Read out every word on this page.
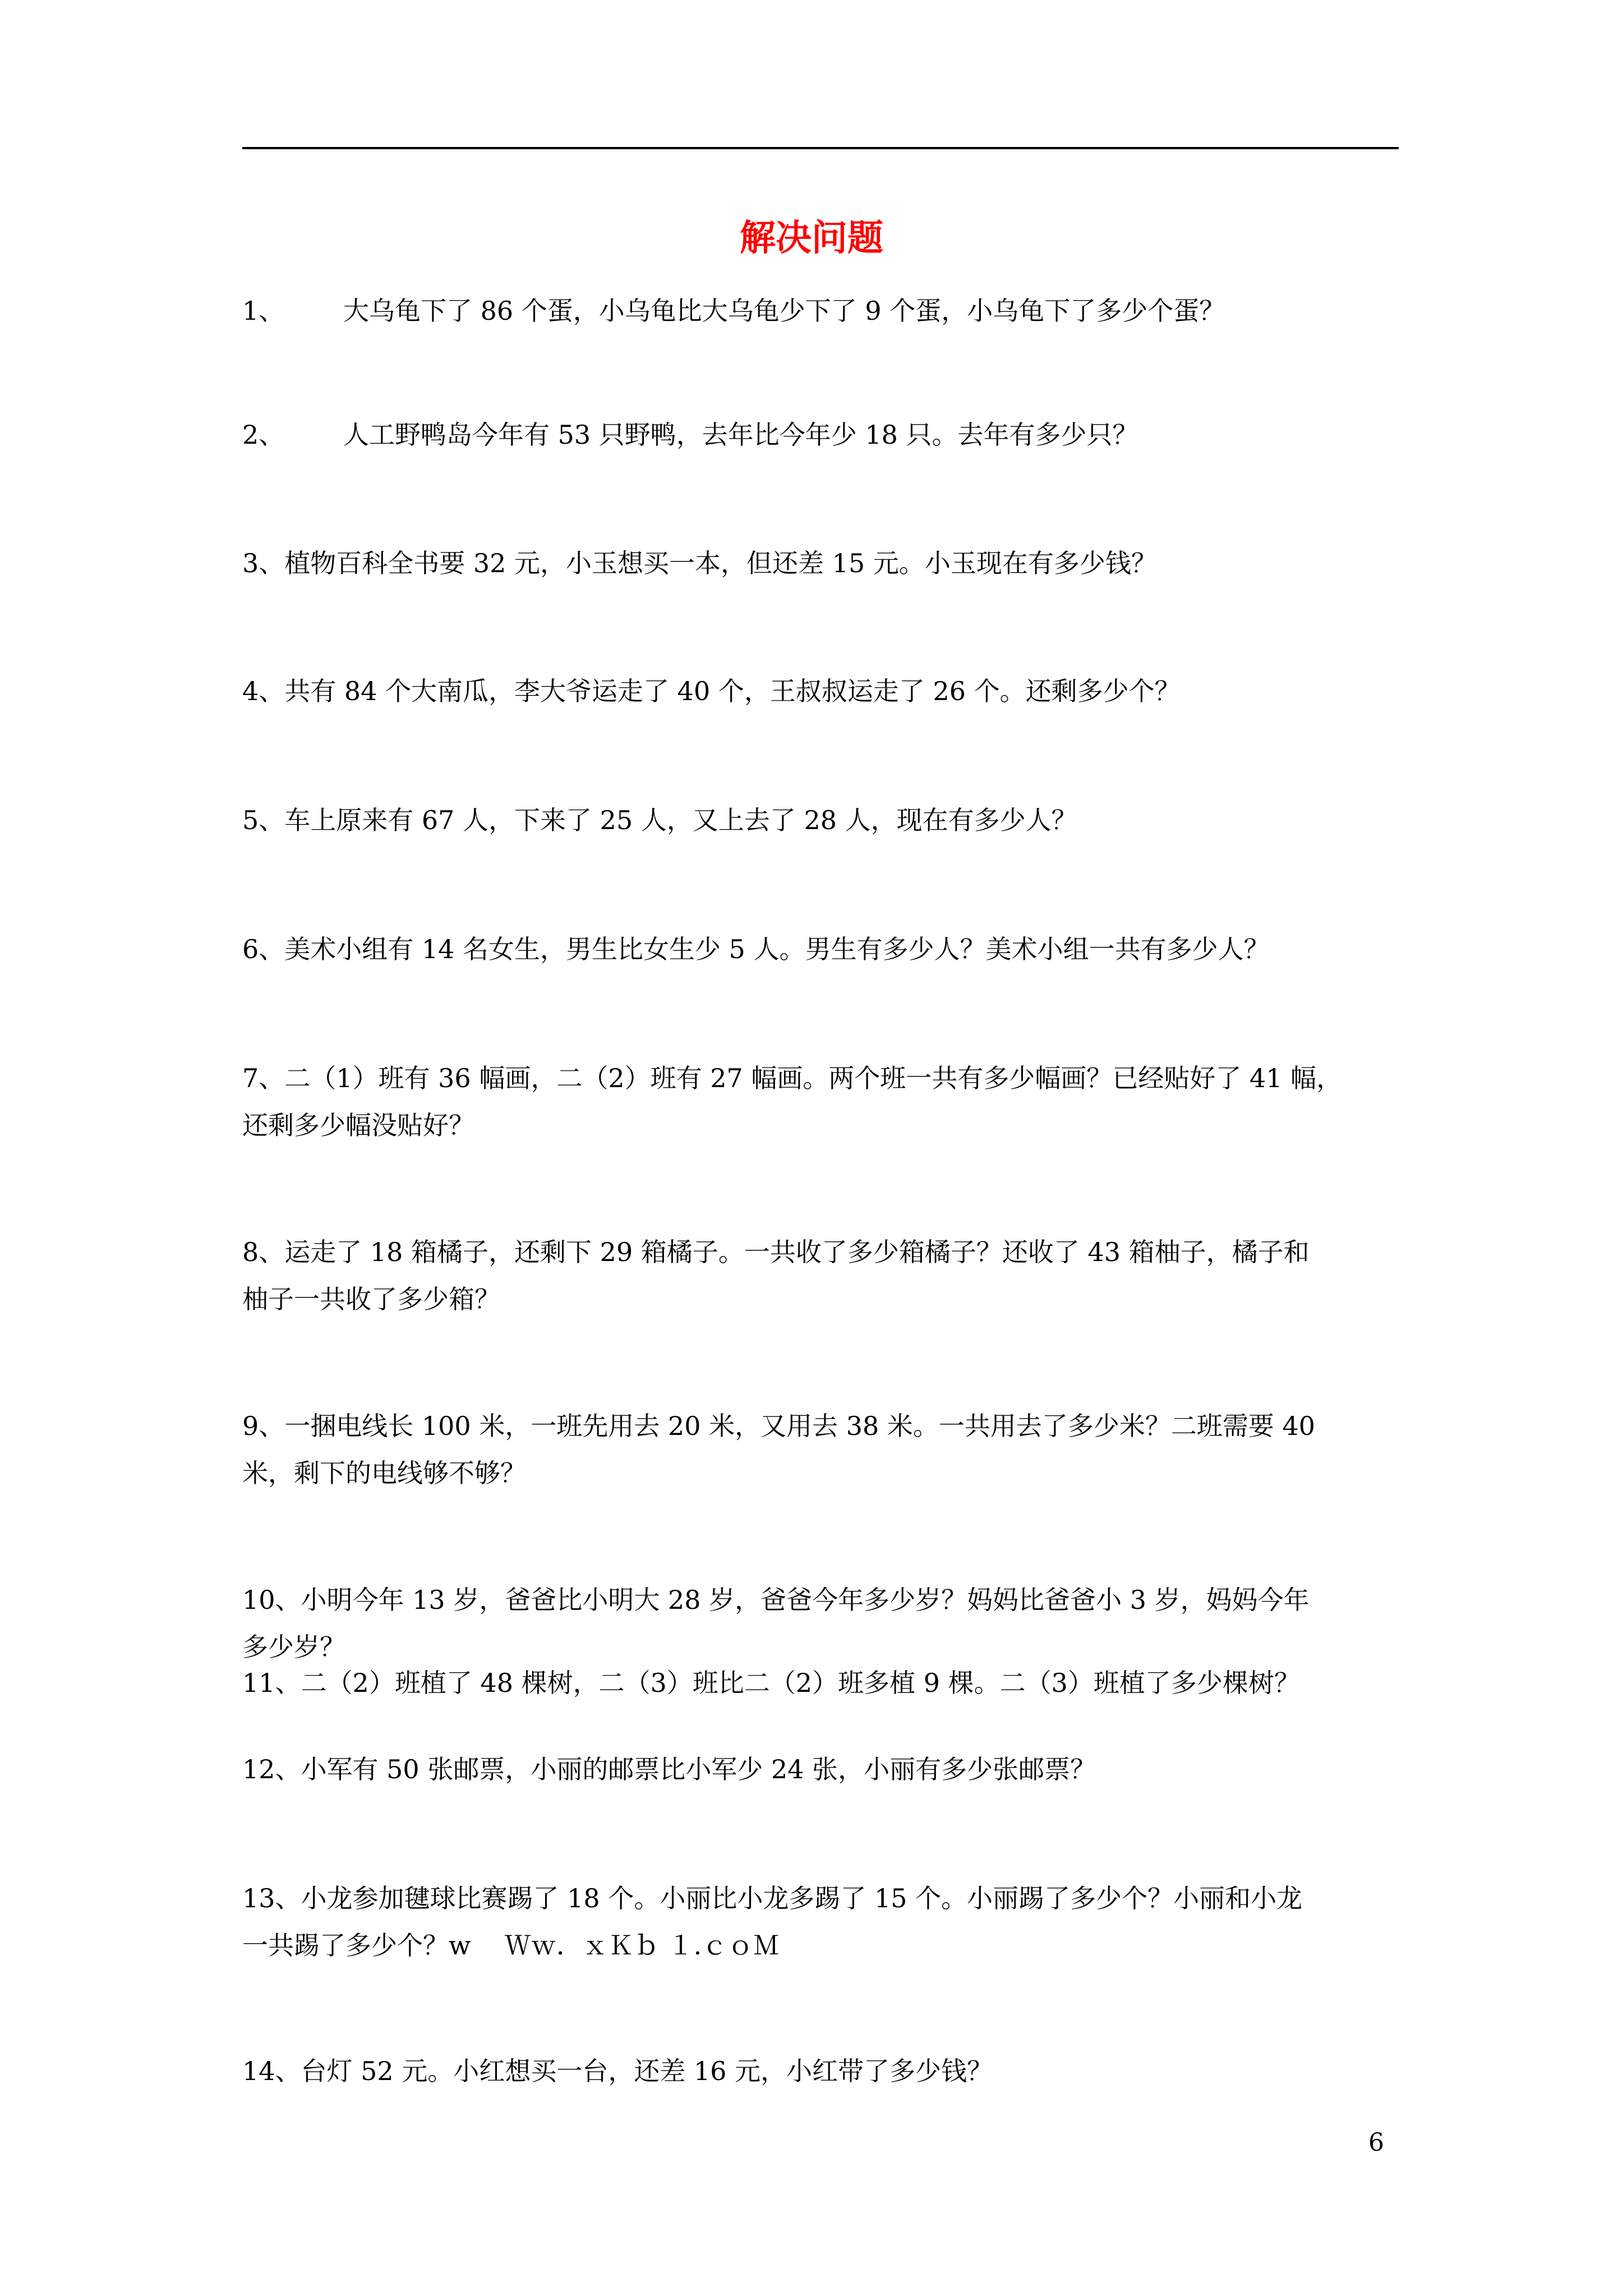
解决问题
1、 大乌龟下了 86 个蛋，小乌龟比大乌龟少下了 9 个蛋，小乌龟下了多少个蛋？
2、 人工野鸭岛今年有 53 只野鸭，去年比今年少 18 只。去年有多少只？
3、植物百科全书要 32 元，小玉想买一本，但还差 15 元。小玉现在有多少钱？
4、共有 84 个大南瓜，李大爷运走了 40 个，王叔叔运走了 26 个。还剩多少个？
5、车上原来有 67 人，下来了 25 人，又上去了 28 人，现在有多少人？
6、美术小组有 14 名女生，男生比女生少 5 人。男生有多少人？美术小组一共有多少人？
7、二（1）班有 36 幅画，二（2）班有 27 幅画。两个班一共有多少幅画？已经贴好了 41 幅，
还剩多少幅没贴好？
8、运走了 18 箱橘子，还剩下 29 箱橘子。一共收了多少箱橘子？还收了 43 箱柚子，橘子和
柚子一共收了多少箱？
9、一捆电线长 100 米，一班先用去 20 米，又用去 38 米。一共用去了多少米？二班需要 40
米，剩下的电线够不够？
10、小明今年 13 岁，爸爸比小明大 28 岁，爸爸今年多少岁？妈妈比爸爸小 3 岁，妈妈今年
多少岁？
11、二（2）班植了 48 棵树，二（3）班比二（2）班多植 9 棵。二（3）班植了多少棵树？
12、小军有 50 张邮票，小丽的邮票比小军少 24 张，小丽有多少张邮票？
13、小龙参加毽球比赛踢了 18 个。小丽比小龙多踢了 15 个。小丽踢了多少个？小丽和小龙
一共踢了多少个？w　 Ｗｗ．ｘＫｂ １.ｃｏＭ
14、台灯 52 元。小红想买一台，还差 16 元，小红带了多少钱？
6
